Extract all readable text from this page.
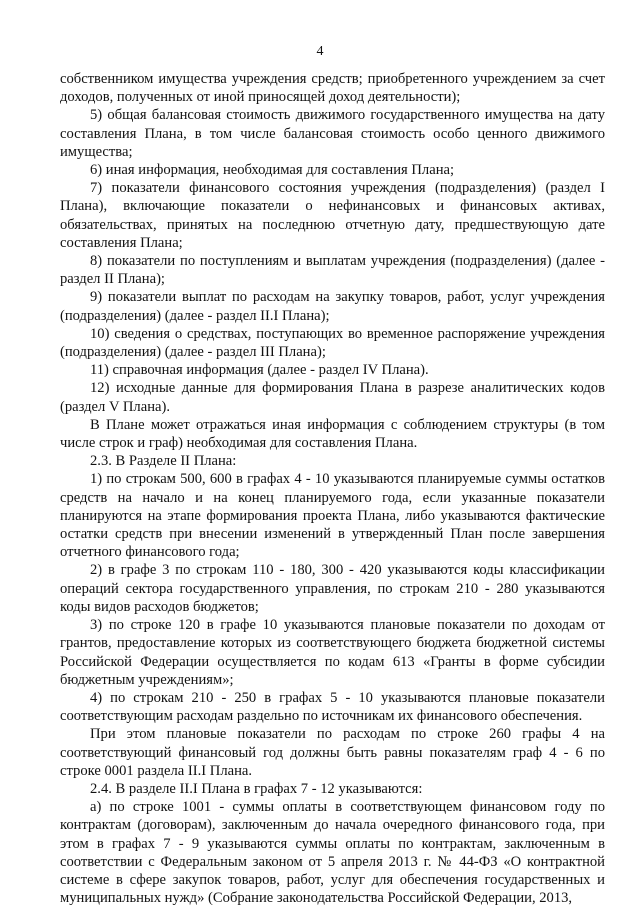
4

собственником имущества учреждения средств; приобретенного учреждением за счет доходов, полученных от иной приносящей доход деятельности);

5) общая балансовая стоимость движимого государственного имущества на дату составления Плана, в том числе балансовая стоимость особо ценного движимого имущества;

6) иная информация, необходимая для составления Плана;

7) показатели финансового состояния учреждения (подразделения) (раздел I Плана), включающие показатели о нефинансовых и финансовых активах, обязательствах, принятых на последнюю отчетную дату, предшествующую дате составления Плана;

8) показатели по поступлениям и выплатам учреждения (подразделения) (далее - раздел II Плана);

9) показатели выплат по расходам на закупку товаров, работ, услуг учреждения (подразделения) (далее - раздел II.I Плана);

10) сведения о средствах, поступающих во временное распоряжение учреждения (подразделения) (далее - раздел III Плана);

11) справочная информация (далее - раздел IV Плана).

12) исходные данные для формирования Плана в разрезе аналитических кодов (раздел V Плана).

В Плане может отражаться иная информация с соблюдением структуры (в том числе строк и граф) необходимая для составления Плана.

2.3. В Разделе II Плана:

1) по строкам 500, 600 в графах 4 - 10 указываются планируемые суммы остатков средств на начало и на конец планируемого года, если указанные показатели планируются на этапе формирования проекта Плана, либо указываются фактические остатки средств при внесении изменений в утвержденный План после завершения отчетного финансового года;

2) в графе 3 по строкам 110 - 180, 300 - 420 указываются коды классификации операций сектора государственного управления, по строкам 210 - 280 указываются коды видов расходов бюджетов;

3) по строке 120 в графе 10 указываются плановые показатели по доходам от грантов, предоставление которых из соответствующего бюджета бюджетной системы Российской Федерации осуществляется по кодам 613 «Гранты в форме субсидии бюджетным учреждениям»;

4) по строкам 210 - 250 в графах 5 - 10 указываются плановые показатели соответствующим расходам раздельно по источникам их финансового обеспечения.

При этом плановые показатели по расходам по строке 260 графы 4 на соответствующий финансовый год должны быть равны показателям граф 4 - 6 по строке 0001 раздела II.I Плана.

2.4. В разделе II.I Плана в графах 7 - 12 указываются:

а) по строке 1001 - суммы оплаты в соответствующем финансовом году по контрактам (договорам), заключенным до начала очередного финансового года, при этом в графах 7 - 9 указываются суммы оплаты по контрактам, заключенным в соответствии с Федеральным законом от 5 апреля 2013 г. № 44-ФЗ «О контрактной системе в сфере закупок товаров, работ, услуг для обеспечения государственных и муниципальных нужд» (Собрание законодательства Российской Федерации, 2013,
